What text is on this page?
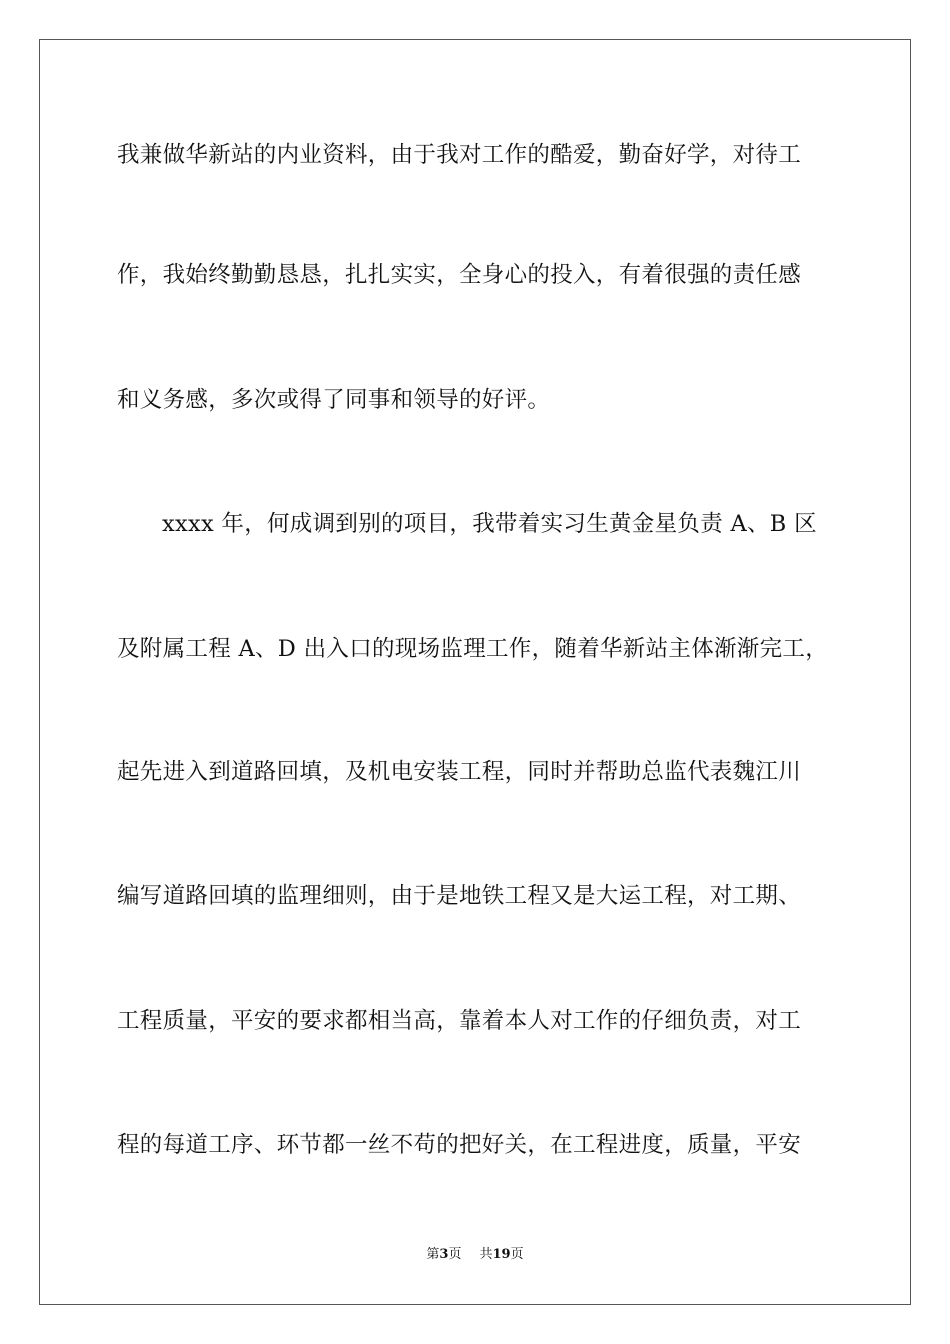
我兼做华新站的内业资料，由于我对工作的酷爱，勤奋好学，对待工
作，我始终勤勤恳恳，扎扎实实，全身心的投入，有着很强的责任感
和义务感，多次或得了同事和领导的好评。
xxxx 年，何成调到别的项目，我带着实习生黄金星负责 A、B 区
及附属工程 A、D 出入口的现场监理工作，随着华新站主体渐渐完工，
起先进入到道路回填，及机电安装工程，同时并帮助总监代表魏江川
编写道路回填的监理细则，由于是地铁工程又是大运工程，对工期、
工程质量，平安的要求都相当高，靠着本人对工作的仔细负责，对工
程的每道工序、环节都一丝不苟的把好关，在工程进度，质量，平安
第3页 共19页
